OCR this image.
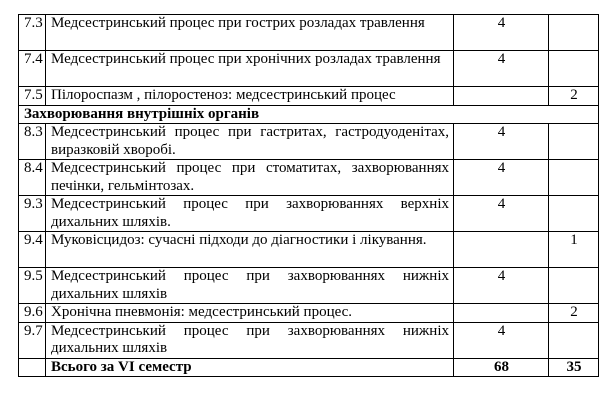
7.3	Медсестринський процес при гострих розладах травлення	4	
7.4	Медсестринський процес при хронічних розладах травлення	4	
7.5	Пілороспазм , пілоростеноз: медсестринський процес		2
Захворювання внутрішніх органів			
8.3	Медсестринський процес при гастритах, гастродуоденітах, виразковій хворобі.	4	
8.4	Медсестринський процес при стоматитах, захворюваннях печінки, гельмінтозах.	4	
9.3	Медсестринський процес при захворюваннях верхніх дихальних шляхів.	4	
9.4	Муковісцидоз: сучасні підходи до діагностики і лікування.		1
9.5	Медсестринський процес при захворюваннях нижніх дихальних шляхів	4	
9.6	Хронічна пневмонія: медсестринський процес.		2
9.7	Медсестринський процес при захворюваннях нижніх дихальних шляхів	4	
	Всього за VI семестр	68	35
